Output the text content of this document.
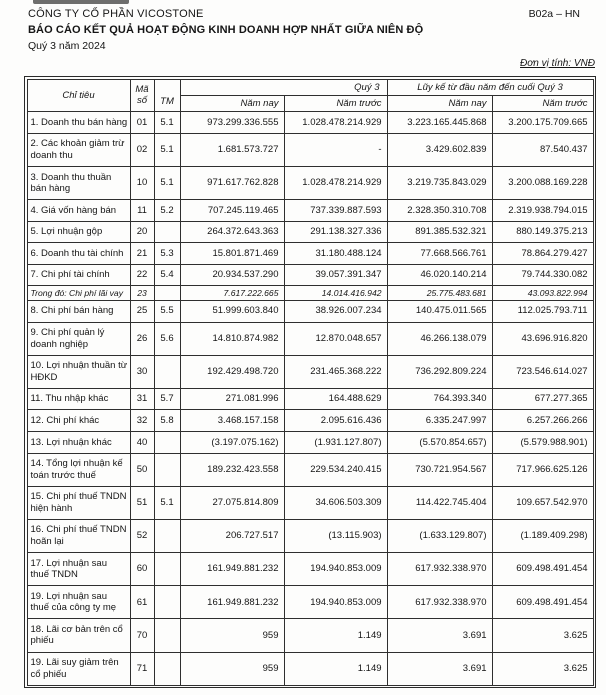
CÔNG TY CỔ PHẦN VICOSTONE
BÁO CÁO KẾT QUẢ HOẠT ĐỘNG KINH DOANH HỢP NHẤT GIỮA NIÊN ĐỘ
Quý 3 năm 2024
B02a – HN
Đơn vị tính: VNĐ
Chỉ tiêu	Mã số	TM	Quý 3		Lũy kế từ đầu năm đến cuối Quý 3	
			Năm nay	Năm trước	Năm nay	Năm trước
1. Doanh thu bán hàng	01	5.1	973.299.336.555	1.028.478.214.929	3.223.165.445.868	3.200.175.709.665
2. Các khoản giảm trừ doanh thu	02	5.1	1.681.573.727	-	3.429.602.839	87.540.437
3. Doanh thu thuần bán hàng	10	5.1	971.617.762.828	1.028.478.214.929	3.219.735.843.029	3.200.088.169.228
4. Giá vốn hàng bán	11	5.2	707.245.119.465	737.339.887.593	2.328.350.310.708	2.319.938.794.015
5. Lợi nhuận gộp	20		264.372.643.363	291.138.327.336	891.385.532.321	880.149.375.213
6. Doanh thu tài chính	21	5.3	15.801.871.469	31.180.488.124	77.668.566.761	78.864.279.427
7. Chi phí tài chính	22	5.4	20.934.537.290	39.057.391.347	46.020.140.214	79.744.330.082
Trong đó: Chi phí lãi vay	23		7.617.222.665	14.014.416.942	25.775.483.681	43.093.822.994
8. Chi phí bán hàng	25	5.5	51.999.603.840	38.926.007.234	140.475.011.565	112.025.793.711
9. Chi phí quản lý doanh nghiệp	26	5.6	14.810.874.982	12.870.048.657	46.266.138.079	43.696.916.820
10. Lợi nhuận thuần từ HĐKD	30		192.429.498.720	231.465.368.222	736.292.809.224	723.546.614.027
11. Thu nhập khác	31	5.7	271.081.996	164.488.629	764.393.340	677.277.365
12. Chi phí khác	32	5.8	3.468.157.158	2.095.616.436	6.335.247.997	6.257.266.266
13. Lợi nhuận khác	40		(3.197.075.162)	(1.931.127.807)	(5.570.854.657)	(5.579.988.901)
14. Tổng lợi nhuận kế toán trước thuế	50		189.232.423.558	229.534.240.415	730.721.954.567	717.966.625.126
15. Chi phí thuế TNDN hiện hành	51	5.1	27.075.814.809	34.606.503.309	114.422.745.404	109.657.542.970
16. Chi phí thuế TNDN hoãn lại	52		206.727.517	(13.115.903)	(1.633.129.807)	(1.189.409.298)
17. Lợi nhuận sau thuế TNDN	60		161.949.881.232	194.940.853.009	617.932.338.970	609.498.491.454
19. Lợi nhuận sau thuế của công ty mẹ	61		161.949.881.232	194.940.853.009	617.932.338.970	609.498.491.454
18. Lãi cơ bản trên cổ phiếu	70		959	1.149	3.691	3.625
19. Lãi suy giảm trên cổ phiếu	71		959	1.149	3.691	3.625
